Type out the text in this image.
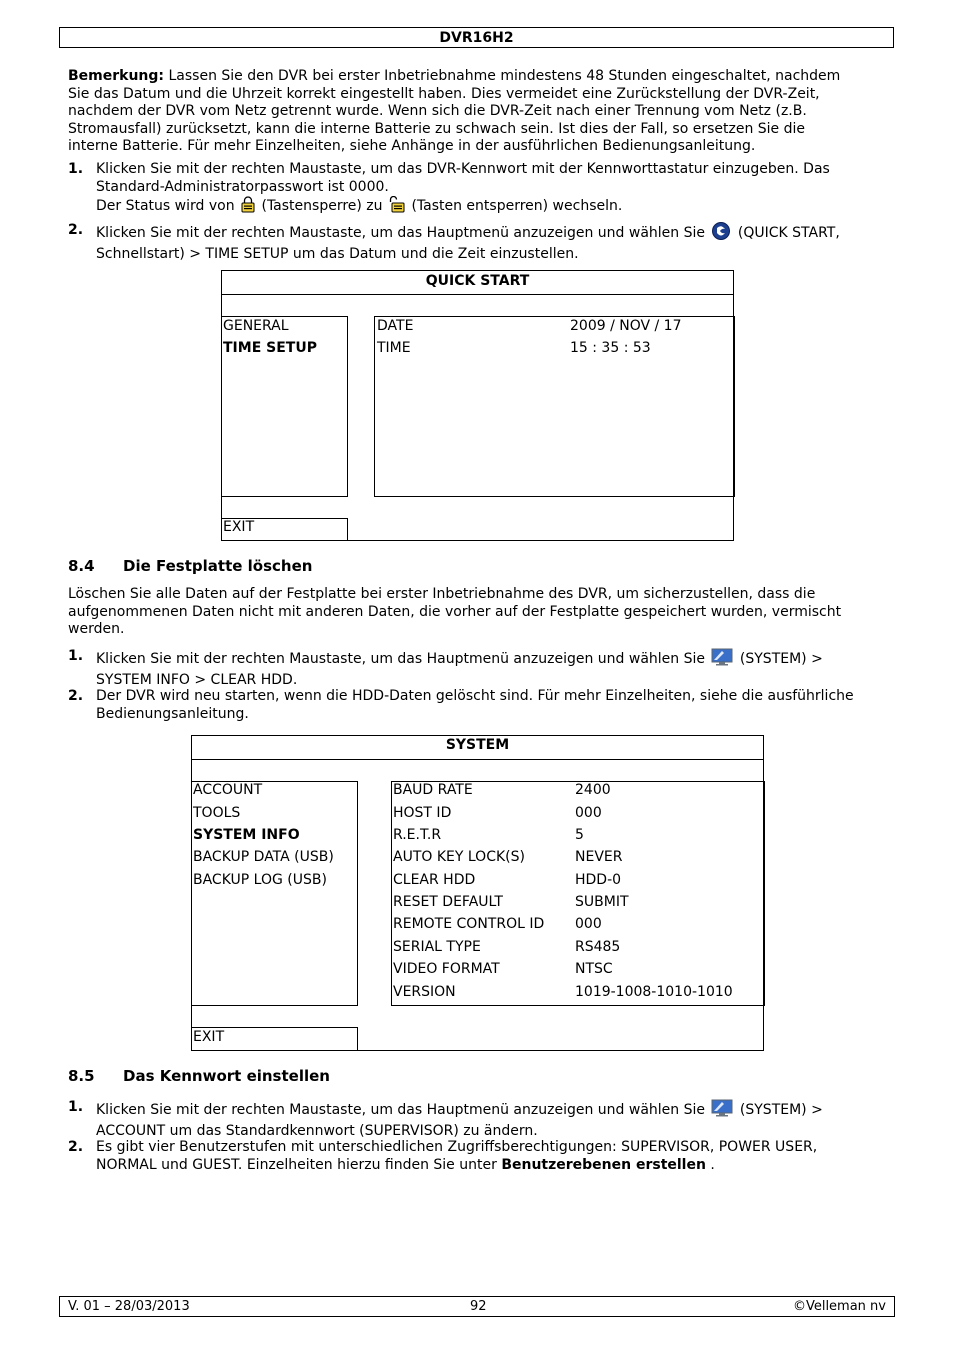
DVR16H2
Bemerkung: Lassen Sie den DVR bei erster Inbetriebnahme mindestens 48 Stunden eingeschaltet, nachdem
Sie das Datum und die Uhrzeit korrekt eingestellt haben. Dies vermeidet eine Zurückstellung der DVR-Zeit,
nachdem der DVR vom Netz getrennt wurde. Wenn sich die DVR-Zeit nach einer Trennung vom Netz (z.B.
Stromausfall) zurücksetzt, kann die interne Batterie zu schwach sein. Ist dies der Fall, so ersetzen Sie die
interne Batterie. Für mehr Einzelheiten, siehe Anhänge in der ausführlichen Bedienungsanleitung.
1. Klicken Sie mit der rechten Maustaste, um das DVR-Kennwort mit der Kennworttastatur einzugeben. Das
Standard-Administratorpasswort ist 0000.
Der Status wird von (Tastensperre) zu (Tasten entsperren) wechseln.
2. Klicken Sie mit der rechten Maustaste, um das Hauptmenü anzuzeigen und wählen Sie (QUICK START,
Schnellstart) > TIME SETUP um das Datum und die Zeit einzustellen.
QUICK START
GENERAL
TIME SETUP
DATE	2009 / NOV / 17
TIME	15 : 35 : 53
EXIT
8.4 Die Festplatte löschen
Löschen Sie alle Daten auf der Festplatte bei erster Inbetriebnahme des DVR, um sicherzustellen, dass die
aufgenommenen Daten nicht mit anderen Daten, die vorher auf der Festplatte gespeichert wurden, vermischt
werden.
1. Klicken Sie mit der rechten Maustaste, um das Hauptmenü anzuzeigen und wählen Sie (SYSTEM) >
SYSTEM INFO > CLEAR HDD.
2. Der DVR wird neu starten, wenn die HDD-Daten gelöscht sind. Für mehr Einzelheiten, siehe die ausführliche
Bedienungsanleitung.
SYSTEM
ACCOUNT
TOOLS
SYSTEM INFO
BACKUP DATA (USB)
BACKUP LOG (USB)
BAUD RATE	2400
HOST ID	000
R.E.T.R	5
AUTO KEY LOCK(S)	NEVER
CLEAR HDD	HDD-0
RESET DEFAULT	SUBMIT
REMOTE CONTROL ID 000
SERIAL TYPE	RS485
VIDEO FORMAT	NTSC
VERSION	1019-1008-1010-1010
EXIT
8.5 Das Kennwort einstellen
1. Klicken Sie mit der rechten Maustaste, um das Hauptmenü anzuzeigen und wählen Sie (SYSTEM) >
ACCOUNT um das Standardkennwort (SUPERVISOR) zu ändern.
2. Es gibt vier Benutzerstufen mit unterschiedlichen Zugriffsberechtigungen: SUPERVISOR, POWER USER,
NORMAL und GUEST. Einzelheiten hierzu finden Sie unter Benutzerebenen erstellen .
V. 01 – 28/03/2013	92	©Velleman nv
